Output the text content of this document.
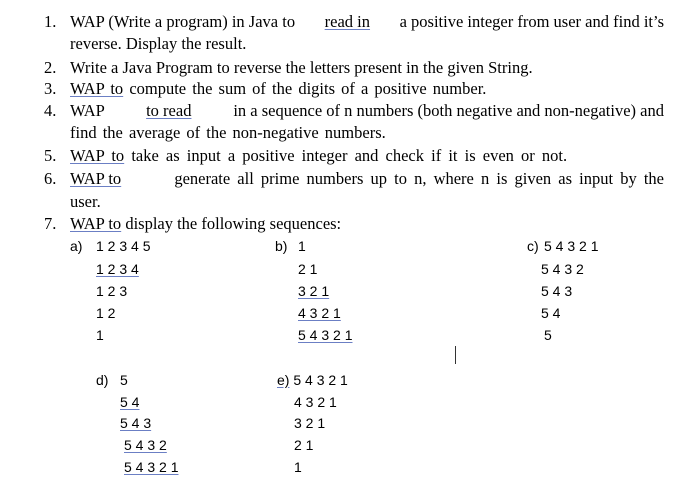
1. WAP (Write a program) in Java to read in a positive integer from user and find it’s
reverse. Display the result.
2. Write a Java Program to reverse the letters present in the given String.
3. WAP to compute the sum of the digits of a positive number.
4. WAP to read in a sequence of n numbers (both negative and non-negative) and
find the average of the non-negative numbers.
5. WAP to take as input a positive integer and check if it is even or not.
6. WAP to	generate all prime numbers up to n, where n is given as input by the
user.
7. WAP to display the following sequences:
a) 1 2 3 4 5
1 2 3 4
1 2 3
1 2
1
b) 1
2 1
3 2 1
4 3 2 1
5 4 3 2 1
c) 5 4 3 2 1
5 4 3 2
5 4 3
5 4
5
d) 5
5 4
5 4 3
5 4 3 2
5 4 3 2 1
e) 5 4 3 2 1
4 3 2 1
3 2 1
2 1
1
